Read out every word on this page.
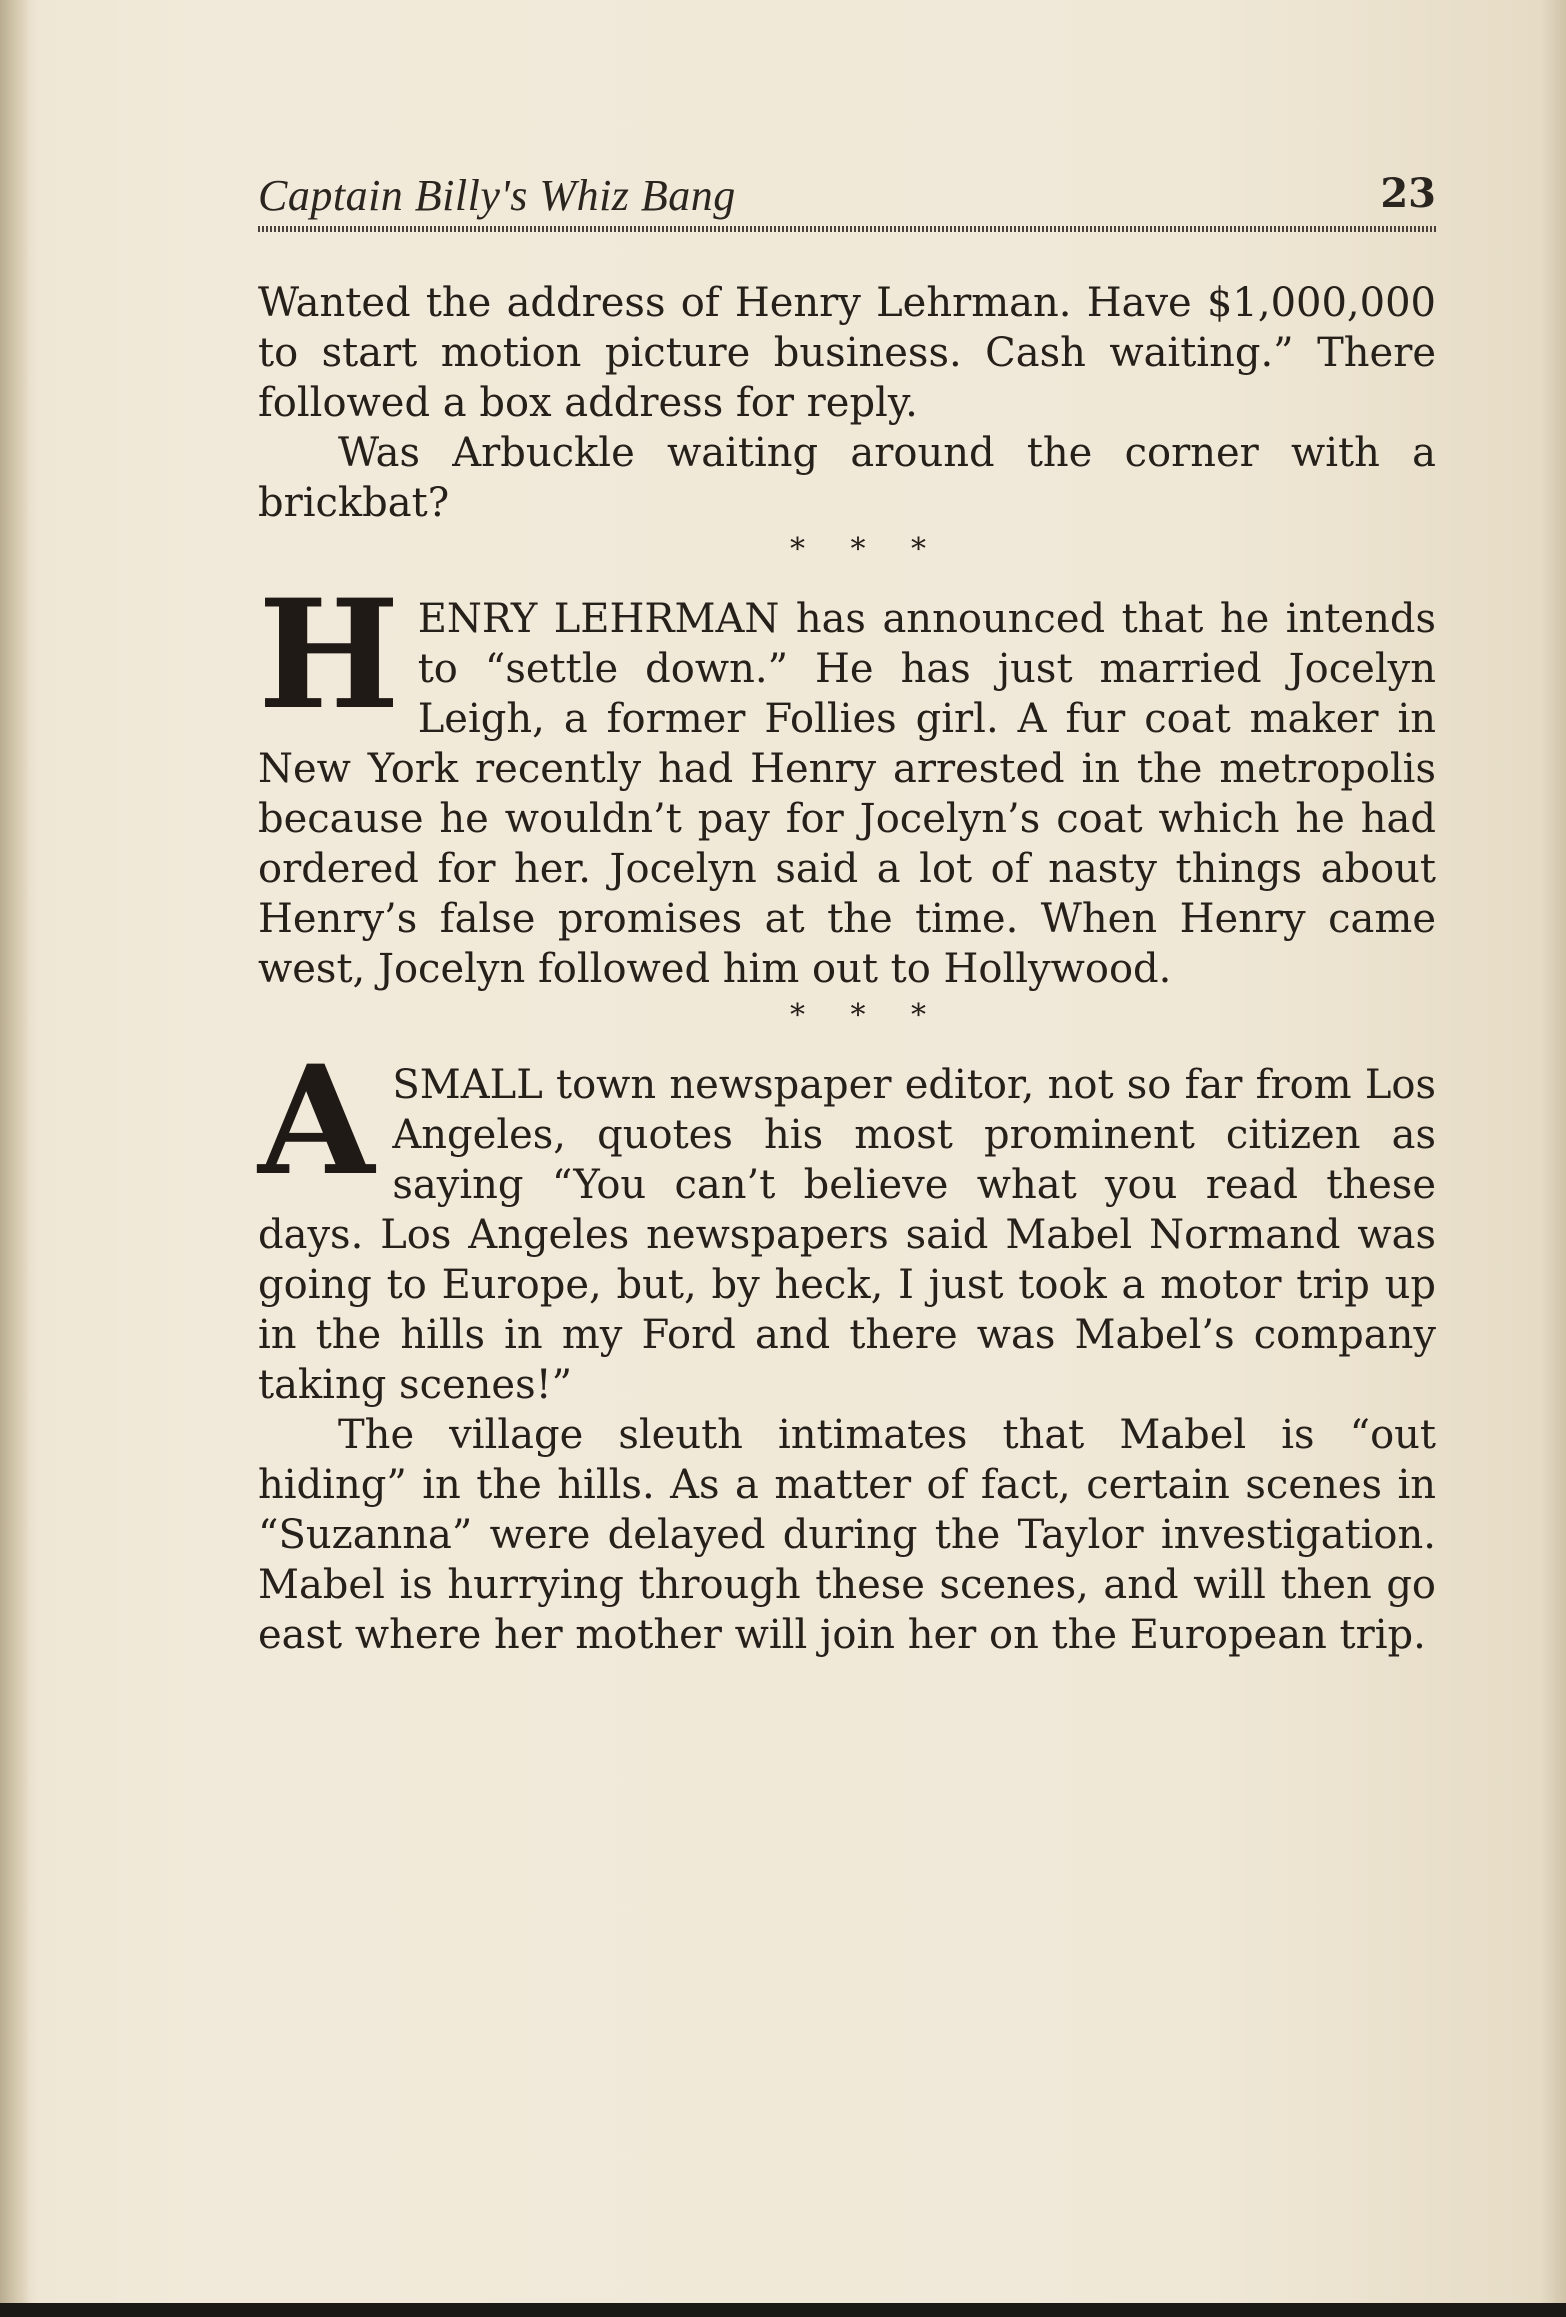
Captain Billy's Whiz Bang	23

Wanted the address of Henry Lehrman. Have $1,000,000 to start motion picture business. Cash waiting.” There followed a box address for reply.

Was Arbuckle waiting around the corner with a brickbat?

* * *
H ENRY LEHRMAN has announced that he intends to “settle down.” He has just married Jocelyn Leigh, a former Follies girl. A fur coat maker in New York recently had Henry arrested in the metropolis because he wouldn’t pay for Jocelyn’s coat which he had ordered for her. Jocelyn said a lot of nasty things about Henry’s false promises at the time. When Henry came west, Jocelyn followed him out to Hollywood.

* * *
A SMALL town newspaper editor, not so far from Los Angeles, quotes his most prominent citizen as saying “You can’t believe what you read these days. Los Angeles newspapers said Mabel Normand was going to Europe, but, by heck, I just took a motor trip up in the hills in my Ford and there was Mabel’s company taking scenes!”

The village sleuth intimates that Mabel is “out hiding” in the hills. As a matter of fact, certain scenes in “Suzanna” were delayed during the Taylor investigation. Mabel is hurrying through these scenes, and will then go east where her mother will join her on the European trip.
